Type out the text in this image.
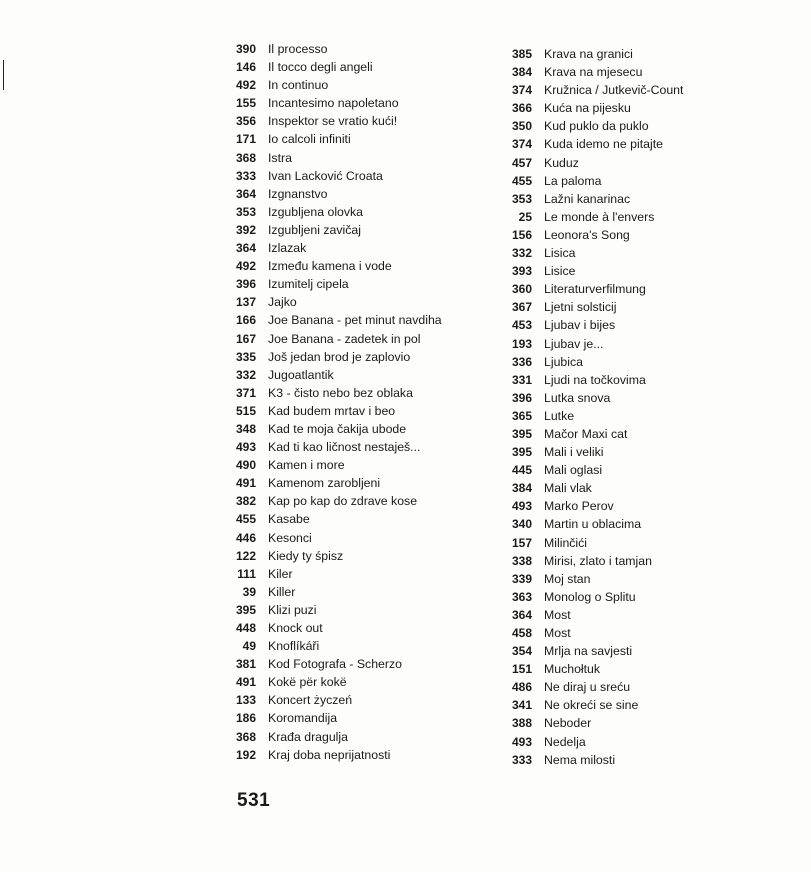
390 Il processo
146 Il tocco degli angeli
492 In continuo
155 Incantesimo napoletano
356 Inspektor se vratio kući!
171 Io calcoli infiniti
368 Istra
333 Ivan Lacković Croata
364 Izgnanstvo
353 Izgubljena olovka
392 Izgubljeni zavičaj
364 Izlazak
492 Između kamena i vode
396 Izumitelj cipela
137 Jajko
166 Joe Banana - pet minut navdiha
167 Joe Banana - zadetek in pol
335 Još jedan brod je zaplovio
332 Jugoatlantik
371 K3 - čisto nebo bez oblaka
515 Kad budem mrtav i beo
348 Kad te moja čakija ubode
493 Kad ti kao ličnost nestaješ...
490 Kamen i more
491 Kamenom zarobljeni
382 Kap po kap do zdrave kose
455 Kasabe
446 Kesonci
122 Kiedy ty śpisz
111 Kiler
39 Killer
395 Klizi puzi
448 Knock out
49 Knoflíkáři
381 Kod Fotografa - Scherzo
491 Kokë për kokë
133 Koncert życzeń
186 Koromandija
368 Krađa dragulja
192 Kraj doba neprijatnosti
385 Krava na granici
384 Krava na mjesecu
374 Kružnica / Jutkevič-Count
366 Kuća na pijesku
350 Kud puklo da puklo
374 Kuda idemo ne pitajte
457 Kuduz
455 La paloma
353 Lažni kanarinac
25 Le monde à l'envers
156 Leonora's Song
332 Lisica
393 Lisice
360 Literaturverfilmung
367 Ljetni solsticij
453 Ljubav i bijes
193 Ljubav je...
336 Ljubica
331 Ljudi na točkovima
396 Lutka snova
365 Lutke
395 Mačor Maxi cat
395 Mali i veliki
445 Mali oglasi
384 Mali vlak
493 Marko Perov
340 Martin u oblacima
157 Milinčići
338 Mirisi, zlato i tamjan
339 Moj stan
363 Monolog o Splitu
364 Most
458 Most
354 Mrlja na savjesti
151 Muchołtuk
486 Ne diraj u sreću
341 Ne okreći se sine
388 Neboder
493 Nedelja
333 Nema milosti
531
